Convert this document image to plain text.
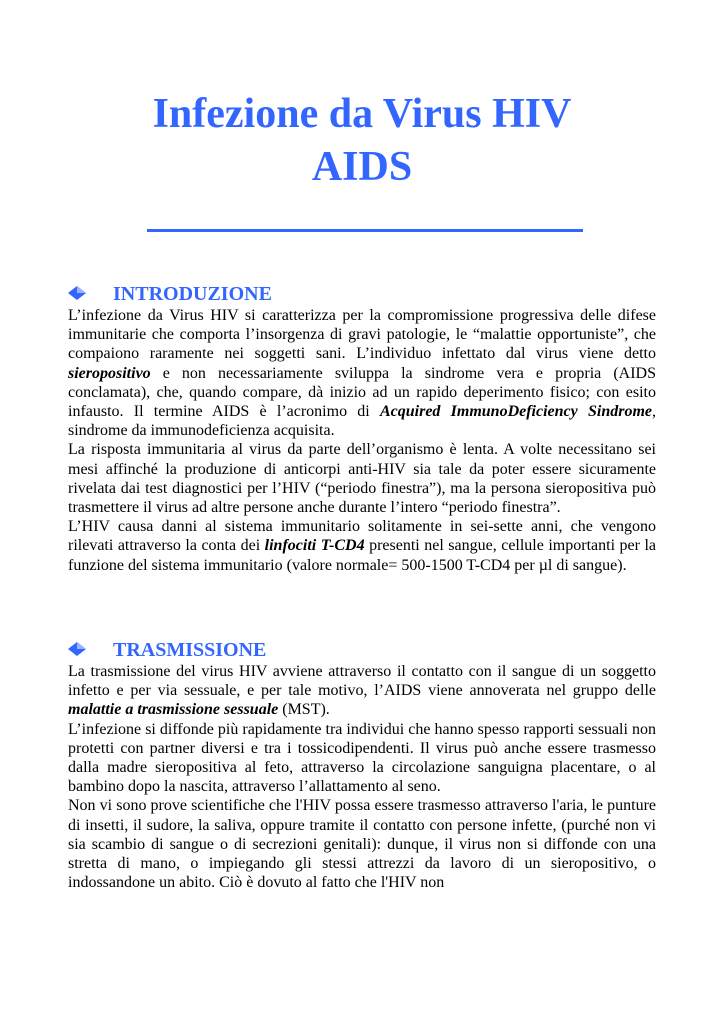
Infezione da Virus HIV
AIDS
INTRODUZIONE

L’infezione da Virus HIV si caratterizza per la compromissione progressiva delle difese immunitarie che comporta l’insorgenza di gravi patologie, le “malattie opportuniste”, che compaiono raramente nei soggetti sani. L’individuo infettato dal virus viene detto sieropositivo e non necessariamente sviluppa la sindrome vera e propria (AIDS conclamata), che, quando compare, dà inizio ad un rapido deperimento fisico; con esito infausto. Il termine AIDS è l’acronimo di Acquired ImmunoDeficiency Sindrome, sindrome da immunodeficienza acquisita.

La risposta immunitaria al virus da parte dell’organismo è lenta. A volte necessitano sei mesi affinché la produzione di anticorpi anti-HIV sia tale da poter essere sicuramente rivelata dai test diagnostici per l’HIV (“periodo finestra”), ma la persona sieropositiva può trasmettere il virus ad altre persone anche durante l’intero “periodo finestra”.

L’HIV causa danni al sistema immunitario solitamente in sei-sette anni, che vengono rilevati attraverso la conta dei linfociti T-CD4 presenti nel sangue, cellule importanti per la funzione del sistema immunitario (valore normale= 500-1500 T-CD4 per µl di sangue).

TRASMISSIONE

La trasmissione del virus HIV avviene attraverso il contatto con il sangue di un soggetto infetto e per via sessuale, e per tale motivo, l’AIDS viene annoverata nel gruppo delle malattie a trasmissione sessuale (MST).

L’infezione si diffonde più rapidamente tra individui che hanno spesso rapporti sessuali non protetti con partner diversi e tra i tossicodipendenti. Il virus può anche essere trasmesso dalla madre sieropositiva al feto, attraverso la circolazione sanguigna placentare, o al bambino dopo la nascita, attraverso l’allattamento al seno.

Non vi sono prove scientifiche che l'HIV possa essere trasmesso attraverso l'aria, le punture di insetti, il sudore, la saliva, oppure tramite il contatto con persone infette, (purché non vi sia scambio di sangue o di secrezioni genitali): dunque, il virus non si diffonde con una stretta di mano, o impiegando gli stessi attrezzi da lavoro di un sieropositivo, o indossandone un abito. Ciò è dovuto al fatto che l'HIV non
